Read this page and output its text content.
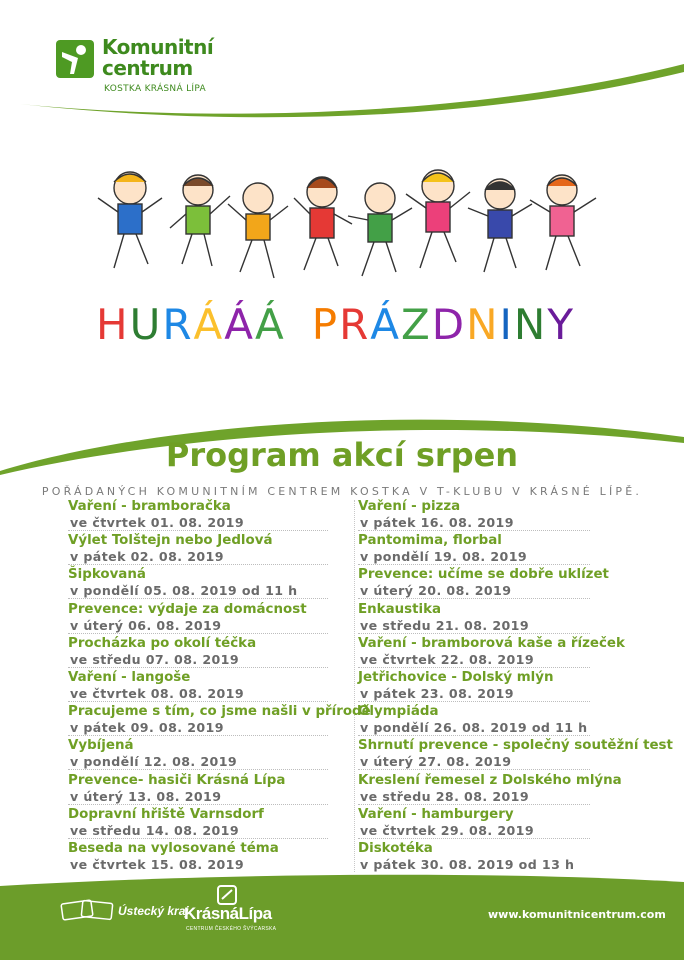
Komunitní
centrum
KOSTKA KRÁSNÁ LÍPA
HURÁÁÁ PRÁZDNINY
Program akcí srpen
POŘÁDANÝCH KOMUNITNÍM CENTREM KOSTKA V T-KLUBU V KRÁSNÉ LÍPĚ.
Vaření - bramboračka
ve čtvrtek 01. 08. 2019
Výlet Tolštejn nebo Jedlová
v pátek 02. 08. 2019
Šipkovaná
v pondělí 05. 08. 2019 od 11 h
Prevence: výdaje za domácnost
v úterý 06. 08. 2019
Procházka po okolí téčka
ve středu 07. 08. 2019
Vaření - langoše
ve čtvrtek 08. 08. 2019
Pracujeme s tím, co jsme našli v přírodě
v pátek 09. 08. 2019
Vybíjená
v pondělí 12. 08. 2019
Prevence- hasiči Krásná Lípa
v úterý 13. 08. 2019
Dopravní hřiště Varnsdorf
ve středu 14. 08. 2019
Beseda na vylosované téma
ve čtvrtek 15. 08. 2019
Vaření - pizza
v pátek 16. 08. 2019
Pantomima, florbal
v pondělí 19. 08. 2019
Prevence: učíme se dobře uklízet
v úterý 20. 08. 2019
Enkaustika
ve středu 21. 08. 2019
Vaření - bramborová kaše a řízeček
ve čtvrtek 22. 08. 2019
Jetřichovice - Dolský mlýn
v pátek 23. 08. 2019
Olympiáda
v pondělí 26. 08. 2019 od 11 h
Shrnutí prevence - společný soutěžní test
v úterý 27. 08. 2019
Kreslení řemesel z Dolského mlýna
ve středu 28. 08. 2019
Vaření - hamburgery
ve čtvrtek 29. 08. 2019
Diskotéka
v pátek 30. 08. 2019 od 13 h
Ústecký kraj
KrásnáLípa
CENTRUM ČESKÉHO ŠVÝCARSKA
www.komunitnicentrum.com
